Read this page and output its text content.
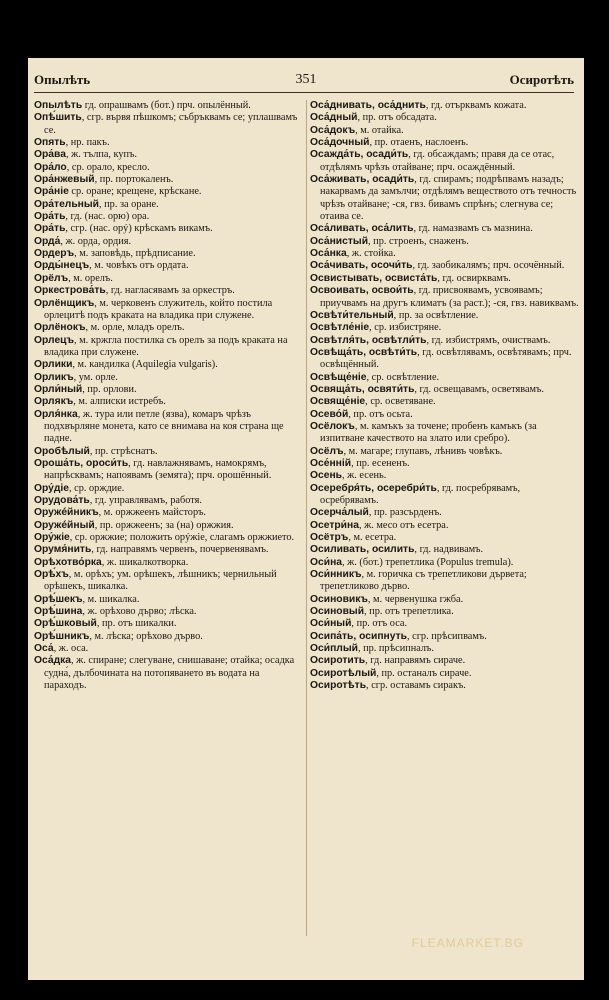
Опылѣть	351	Осиротѣть
Опылѣ́ть гд. опрашвамъ (бот.) прч. опылённый.
Опѣ́шить, сгр. вървя пѣшкомъ; събръквамъ се; уплашвамъ се.
Опять, нр. пакъ.
Ора́ва, ж. тълпа, купъ.
Ора́ло, ср. орало, кресло.
Ора́нжевый, пр. портокаленъ.
Ора́ніе ср. оране; крещене, крѣскане.
Ора́тельный, пр. за оране.
Ора́ть, гд. (нас. орю) ора.
Ора́ть, сгр. (нас. орý) крѣскамъ викамъ.
Орда́, ж. орда, ордия.
Ордеръ, м. заповѣдь, прѣдписание.
Орды́нецъ, м. човѣкъ отъ ордата.
Орёлъ, м. орелъ.
Оркестрова́ть, гд. нагласявамъ за оркестръ.
Орлёнщикъ, м. черковенъ служитель, който постила орлецитѣ подъ краката на владика при служене.
Орлёнокъ, м. орле, младъ орелъ.
Орлецъ, м. кржгла постилка съ орелъ за подъ краката на владика при служене.
Орлики, м. кандилка (Aquilegia vulgaris).
Орликъ, ум. орле.
Орли́ный, пр. орлови.
Орлякъ, м. алписки истребъ.
Орля́нка, ж. тура или петле (язва), комаръ чрѣзъ подхвърляне монета, като се внимава на коя страна ще падне.
Оробѣлый, пр. стрѣснатъ.
Ороша́ть, ороси́ть, гд. навлажнявамъ, намокрямъ, напрѣсквамъ; напоявамъ (земята); прч. орошённый.
Ору́діе, ср. орждие.
Орудова́ть, гд. управлявамъ, работя.
Оружéйникъ, м. оржжеенъ майсторъ.
Оружéйный, пр. оржжеенъ; за (на) оржжия.
Ору́жіе, ср. оржжие; положить орýжіе, слагамъ оржжието.
Орумя́нить, гд. направямъ червенъ, почервенявамъ.
Орѣхотво́рка, ж. шикалкотворка.
Орѣ́хъ, м. орѣхъ; ум. орѣшекъ, лѣшникъ; чернильный орѣшекъ, шикалка.
Орѣ́шекъ, м. шикалка.
Орѣ́шина, ж. орѣхово дърво; лѣска.
Орѣ́шковый, пр. отъ шикалки.
Орѣ́шникъ, м. лѣска; орѣхово дърво.
Оса́, ж. оса.
Оса́дка, ж. спиране; слегуване, снишаване; отайка; осадка судна́, дълбочината на потопяването въ водата на параходъ.
Оса́днивать, оса́днить, гд. отърквамъ кожата.
Оса́дный, пр. отъ обсадата.
Оса́докъ, м. отайка.
Оса́дочный, пр. отаенъ, наслоенъ.
Осажда́ть, осади́ть, гд. обсаждамъ; правя да се отаc, отдѣлямъ чрѣзъ отайване; прч. осаждённый.
Оса́живать, осади́ть, гд. спирамъ; подрѣпвамъ назадъ; накарвамъ да замълчи; отдѣлямъ веществото отъ течность чрѣзъ отайване; -ся, гвз. бивамъ спрѣнъ; слегнува се; отаива се.
Оса́ливать, оса́лить, гд. намазвамъ съ мазнина.
Оса́нистый, пр. строенъ, снаженъ.
Оса́нка, ж. стойка.
Оса́чивать, осочи́ть, гд. заобикалямъ; прч. осочённый.
Освистывать, освиста́ть, гд. освирквамъ.
Освоивать, освои́ть, гд. присвоявамъ, усвоявамъ; приучвамъ на другъ климатъ (за раст.); -ся, гвз. навиквамъ.
Освѣти́тельный, пр. за освѣтление.
Освѣтле́ніе, ср. избистряне.
Освѣтля́ть, освѣтли́ть, гд. избистрямъ, очиствамъ.
Освѣща́ть, освѣти́ть, гд. освѣтлявамъ, освѣтявамъ; прч. освѣщённый.
Освѣще́ніе, ср. освѣтление.
Освяща́ть, освяти́ть, гд. освещавамъ, осветявамъ.
Освяще́ніе, ср. осветяване.
Осево́й, пр. отъ осьта.
Осёлокъ, м. камъкъ за точене; пробенъ камъкъ (за изпитване качеството на злато или сребро).
Осёлъ, м. магаре; глупавъ, лѣнивъ човѣкъ.
Осе́нній, пр. есененъ.
Осень, ж. есень.
Осеребря́ть, осеребри́ть, гд. посребрявамъ, осребрявамъ.
Осерча́лый, пр. разсърденъ.
Осетри́на, ж. месо отъ есетра.
Осётръ, м. есетра.
Осиливать, осилить, гд. надвивамъ.
Оси́на, ж. (бот.) трепетлика (Populus tremula).
Оси́нникъ, м. горичка съ трепетликови дървета; трепетликово дърво.
Осиновикъ, м. червенушка гжба.
Осиновый, пр. отъ трепетлика.
Оси́ный, пр. отъ оса.
Осипа́ть, осипнуть, сгр. прѣсипвамъ.
Оси́плый, пр. прѣсипналъ.
Осиротить, гд. направямъ сираче.
Осиротѣлый, пр. останалъ сираче.
Осиротѣть, сгр. оставамъ сиракъ.
FLEAMARKET.BG
